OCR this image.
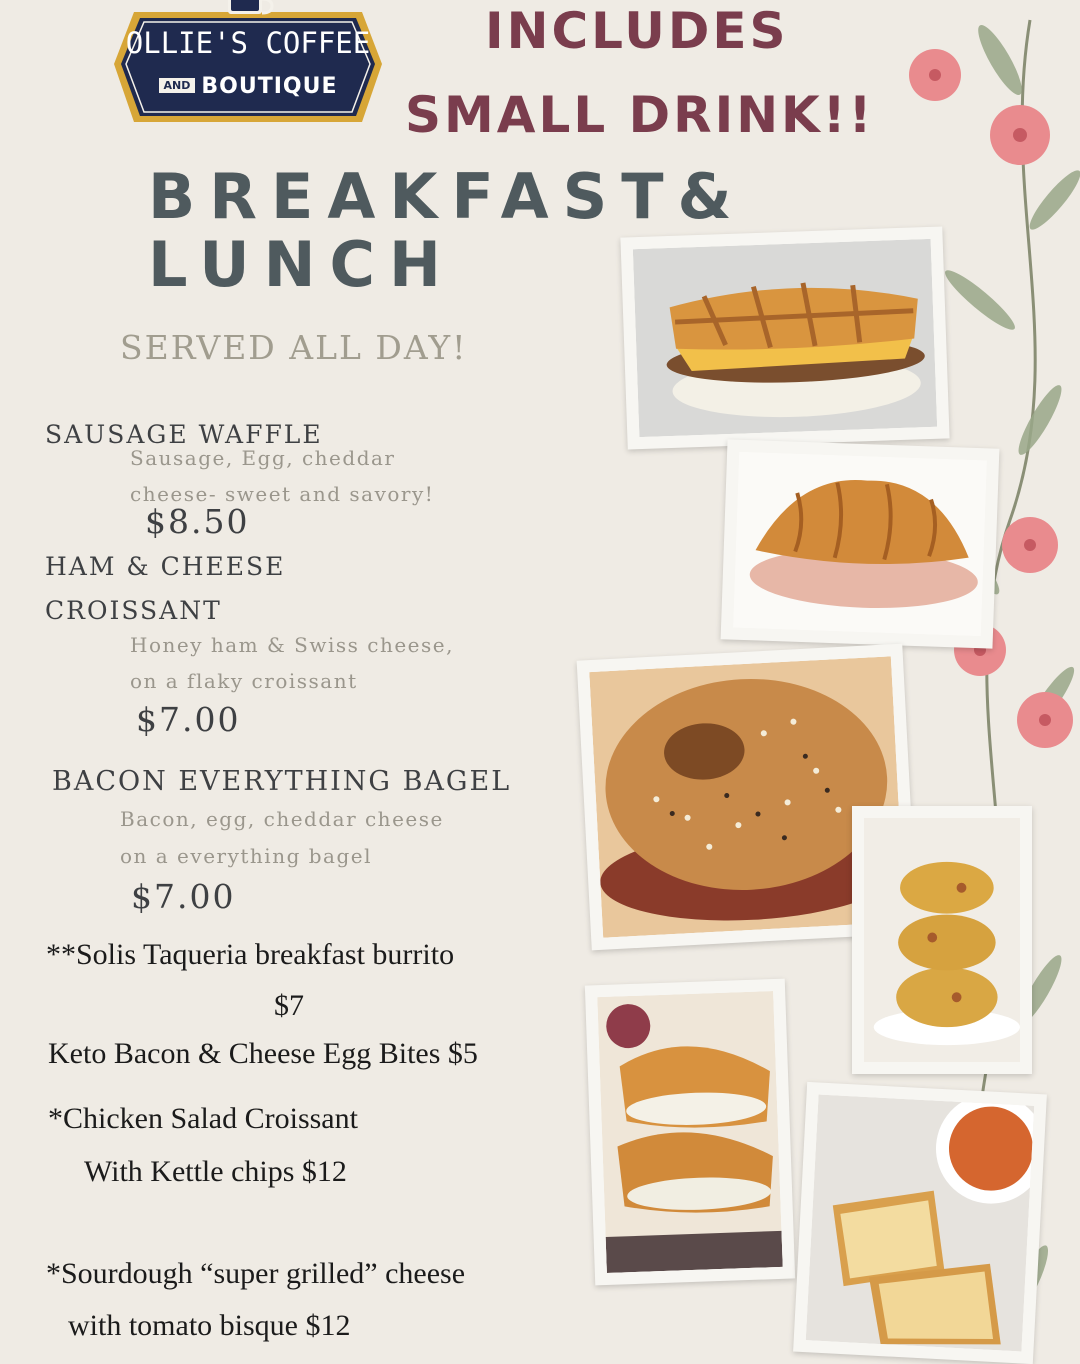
OLLIE'S COFFEE
AND BOUTIQUE
INCLUDES
SMALL DRINK!!
BREAKFAST&
LUNCH
SERVED ALL DAY!
SAUSAGE WAFFLE
Sausage, Egg, cheddar
cheese- sweet and savory!
$8.50
HAM & CHEESE
CROISSANT
Honey ham & Swiss cheese,
on a flaky croissant
$7.00
BACON EVERYTHING BAGEL
Bacon, egg, cheddar cheese
on a everything bagel
$7.00
**Solis Taqueria breakfast burrito
$7
Keto Bacon & Cheese Egg Bites $5
*Chicken Salad Croissant
With Kettle chips $12
*Sourdough “super grilled” cheese
with tomato bisque $12
